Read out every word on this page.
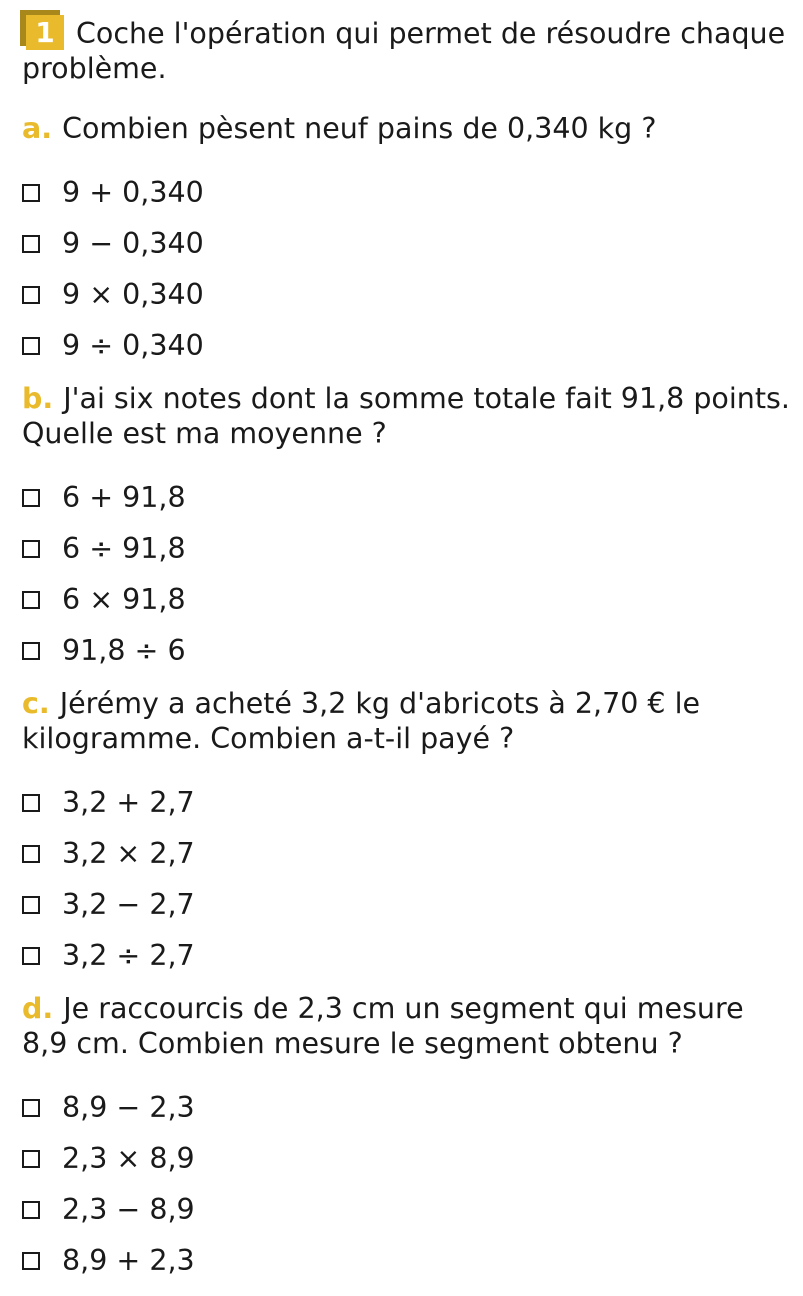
1 Coche l'opération qui permet de résoudre chaque problème.
a. Combien pèsent neuf pains de 0,340 kg ?
9 + 0,340
9 − 0,340
9 × 0,340
9 ÷ 0,340
b. J'ai six notes dont la somme totale fait 91,8 points. Quelle est ma moyenne ?
6 + 91,8
6 ÷ 91,8
6 × 91,8
91,8 ÷ 6
c. Jérémy a acheté 3,2 kg d'abricots à 2,70 € le kilogramme. Combien a-t-il payé ?
3,2 + 2,7
3,2 × 2,7
3,2 − 2,7
3,2 ÷ 2,7
d. Je raccourcis de 2,3 cm un segment qui mesure 8,9 cm. Combien mesure le segment obtenu ?
8,9 − 2,3
2,3 × 8,9
2,3 − 8,9
8,9 + 2,3
